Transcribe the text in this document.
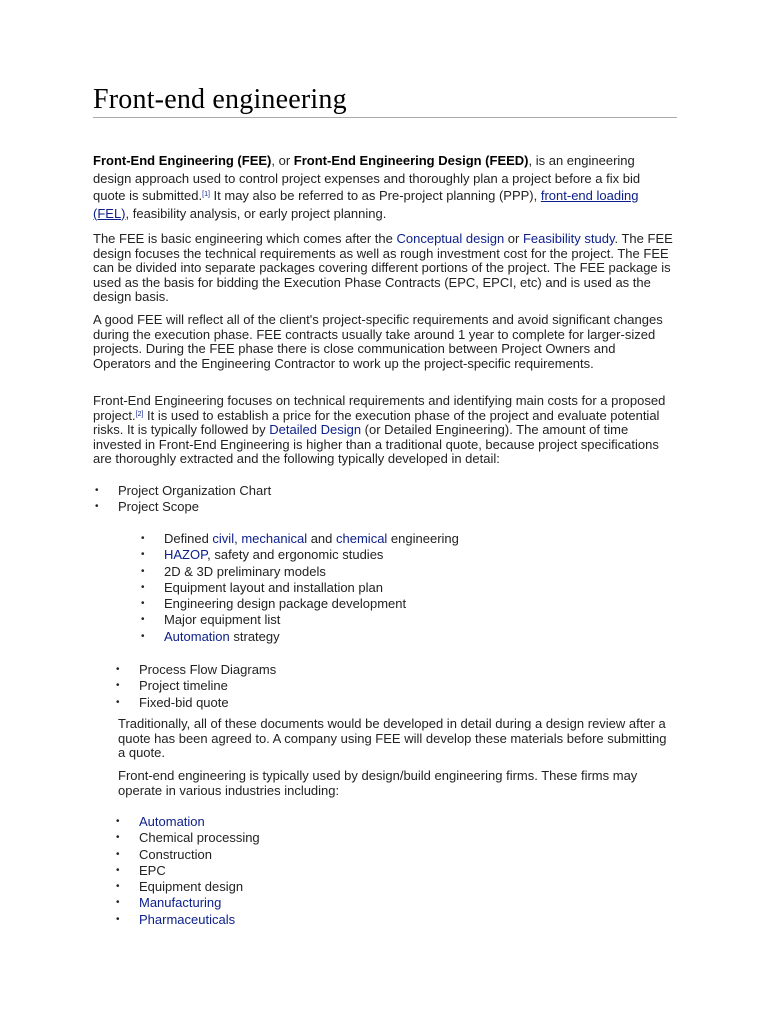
Front-end engineering
Front-End Engineering (FEE), or Front-End Engineering Design (FEED), is an engineering design approach used to control project expenses and thoroughly plan a project before a fix bid quote is submitted.[1] It may also be referred to as Pre-project planning (PPP), front-end loading (FEL), feasibility analysis, or early project planning.
The FEE is basic engineering which comes after the Conceptual design or Feasibility study. The FEE design focuses the technical requirements as well as rough investment cost for the project. The FEE can be divided into separate packages covering different portions of the project. The FEE package is used as the basis for bidding the Execution Phase Contracts (EPC, EPCI, etc) and is used as the design basis.
A good FEE will reflect all of the client's project-specific requirements and avoid significant changes during the execution phase. FEE contracts usually take around 1 year to complete for larger-sized projects. During the FEE phase there is close communication between Project Owners and Operators and the Engineering Contractor to work up the project-specific requirements.
Front-End Engineering focuses on technical requirements and identifying main costs for a proposed project.[2] It is used to establish a price for the execution phase of the project and evaluate potential risks. It is typically followed by Detailed Design (or Detailed Engineering). The amount of time invested in Front-End Engineering is higher than a traditional quote, because project specifications are thoroughly extracted and the following typically developed in detail:
• Project Organization Chart
• Project Scope
• Defined civil, mechanical and chemical engineering
• HAZOP, safety and ergonomic studies
• 2D & 3D preliminary models
• Equipment layout and installation plan
• Engineering design package development
• Major equipment list
• Automation strategy
• Process Flow Diagrams
• Project timeline
• Fixed-bid quote
Traditionally, all of these documents would be developed in detail during a design review after a quote has been agreed to. A company using FEE will develop these materials before submitting a quote.
Front-end engineering is typically used by design/build engineering firms. These firms may operate in various industries including:
• Automation
• Chemical processing
• Construction
• EPC
• Equipment design
• Manufacturing
• Pharmaceuticals
